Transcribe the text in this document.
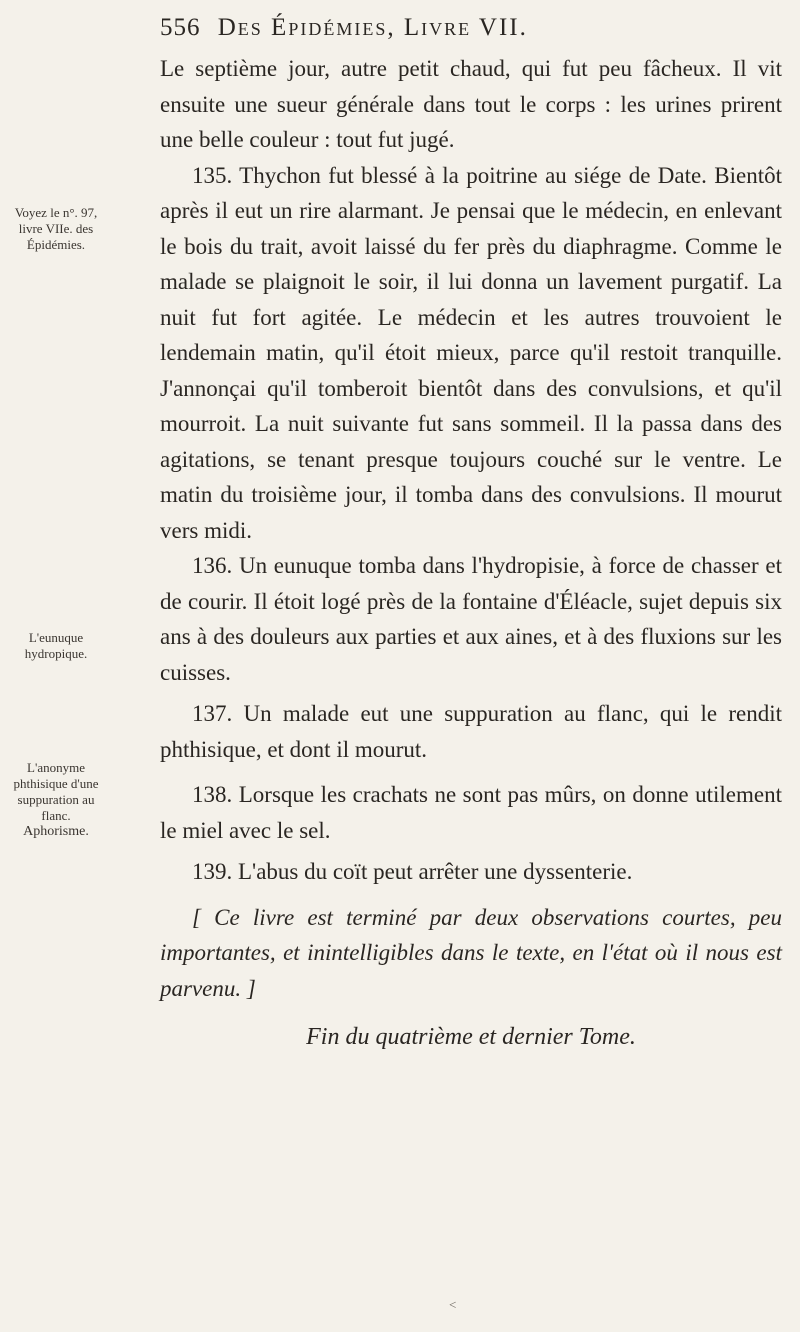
556 Des Épidémies, Livre VII.
Voyez le n°. 97, livre VIIe. des Épidémies.
L'eunuque hydropique.
L'anonyme phthisique d'une suppuration au flanc.
Aphorisme.

Le septième jour, autre petit chaud, qui fut peu fâcheux. Il vit ensuite une sueur générale dans tout le corps : les urines prirent une belle couleur : tout fut jugé.

135. Thychon fut blessé à la poitrine au siége de Date. Bientôt après il eut un rire alarmant. Je pensai que le médecin, en enlevant le bois du trait, avoit laissé du fer près du diaphragme. Comme le malade se plaignoit le soir, il lui donna un lavement purgatif. La nuit fut fort agitée. Le médecin et les autres trouvoient le lendemain matin, qu'il étoit mieux, parce qu'il restoit tranquille. J'annonçai qu'il tomberoit bientôt dans des convulsions, et qu'il mourroit. La nuit suivante fut sans sommeil. Il la passa dans des agitations, se tenant presque toujours couché sur le ventre. Le matin du troisième jour, il tomba dans des convulsions. Il mourut vers midi.

136. Un eunuque tomba dans l'hydropisie, à force de chasser et de courir. Il étoit logé près de la fontaine d'Éléacle, sujet depuis six ans à des douleurs aux parties et aux aines, et à des fluxions sur les cuisses.

137. Un malade eut une suppuration au flanc, qui le rendit phthisique, et dont il mourut.

138. Lorsque les crachats ne sont pas mûrs, on donne utilement le miel avec le sel.

139. L'abus du coït peut arrêter une dyssenterie.

[ Ce livre est terminé par deux observations courtes, peu importantes, et inintelligibles dans le texte, en l'état où il nous est parvenu. ]

Fin du quatrième et dernier Tome.

<
